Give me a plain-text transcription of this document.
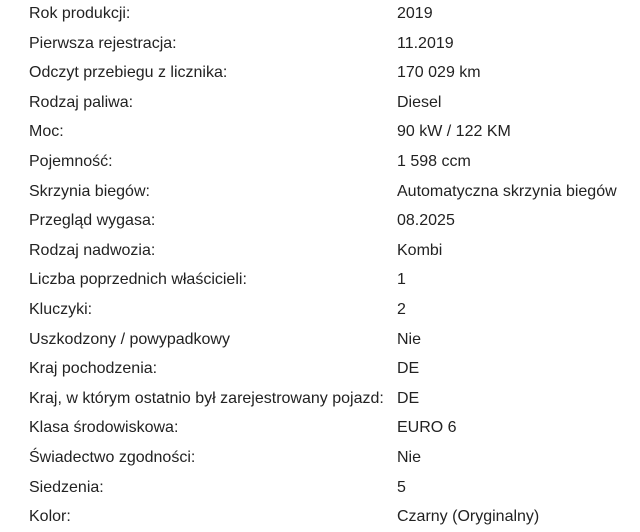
Rok produkcji:	2019
Pierwsza rejestracja:	11.2019
Odczyt przebiegu z licznika:	170 029 km
Rodzaj paliwa:	Diesel
Moc:	90 kW / 122 KM
Pojemność:	1 598 ccm
Skrzynia biegów:	Automatyczna skrzynia biegów
Przegląd wygasa:	08.2025
Rodzaj nadwozia:	Kombi
Liczba poprzednich właścicieli:	1
Kluczyki:	2
Uszkodzony / powypadkowy	Nie
Kraj pochodzenia:	DE
Kraj, w którym ostatnio był zarejestrowany pojazd: DE
Klasa środowiskowa:	EURO 6
Świadectwo zgodności:	Nie
Siedzenia:	5
Kolor:	Czarny (Oryginalny)
